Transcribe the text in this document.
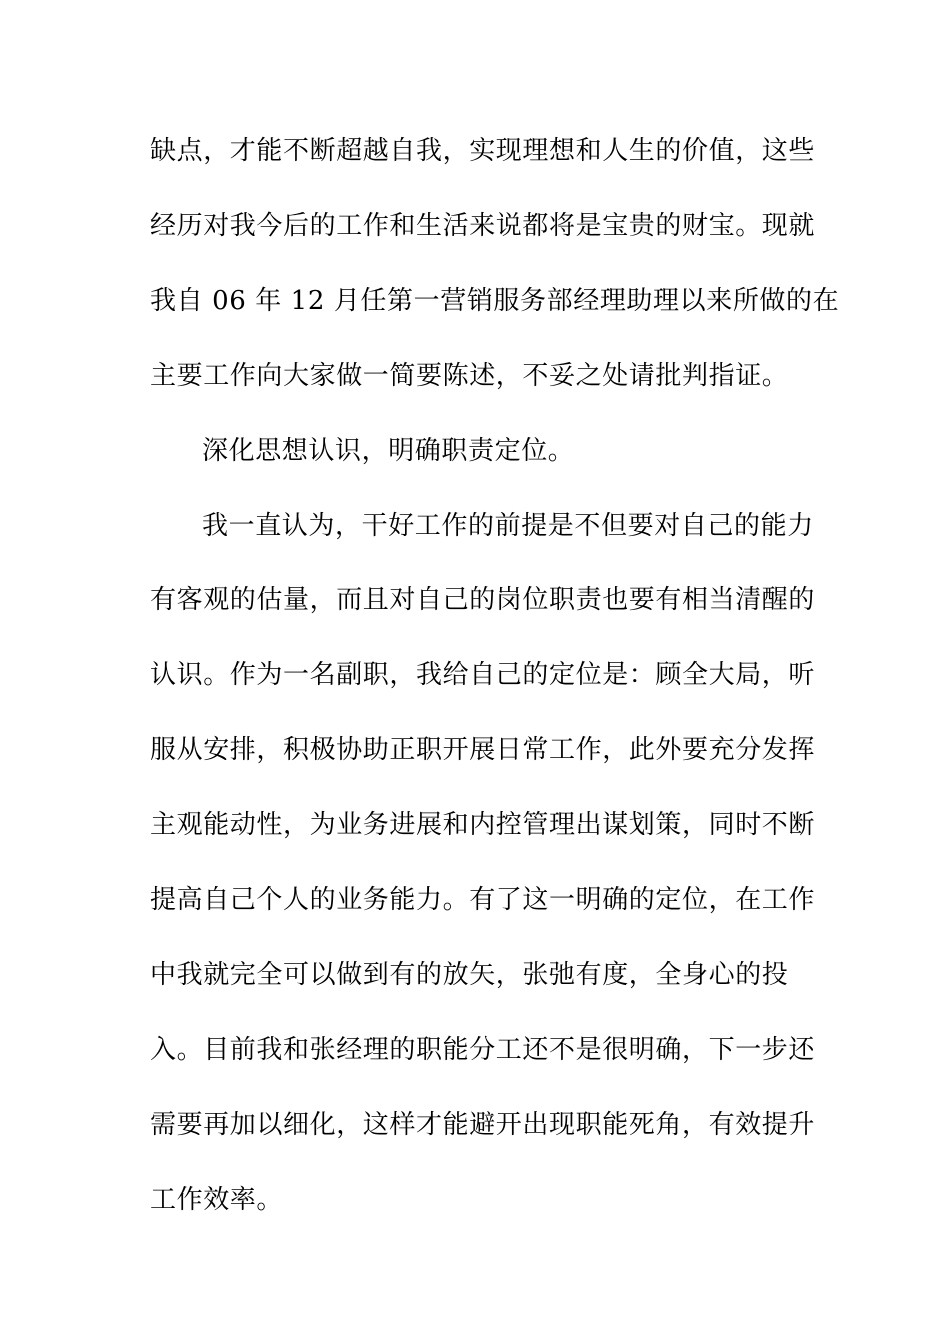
缺点，才能不断超越自我，实现理想和人生的价值，这些
经历对我今后的工作和生活来说都将是宝贵的财宝。现就
我自 06 年 12 月任第一营销服务部经理助理以来所做的在
主要工作向大家做一简要陈述，不妥之处请批判指证。
深化思想认识，明确职责定位。
我一直认为，干好工作的前提是不但要对自己的能力
有客观的估量，而且对自己的岗位职责也要有相当清醒的
认识。作为一名副职，我给自己的定位是：顾全大局，听
服从安排，积极协助正职开展日常工作，此外要充分发挥
主观能动性，为业务进展和内控管理出谋划策，同时不断
提高自己个人的业务能力。有了这一明确的定位，在工作
中我就完全可以做到有的放矢，张弛有度，全身心的投
入。目前我和张经理的职能分工还不是很明确，下一步还
需要再加以细化，这样才能避开出现职能死角，有效提升
工作效率。
